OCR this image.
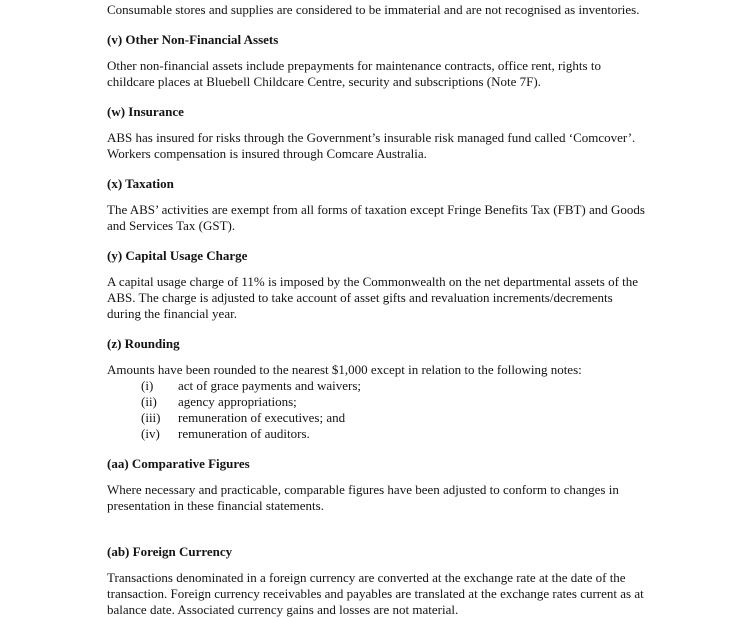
Consumable stores and supplies are considered to be immaterial and are not recognised as inventories.

(v) Other Non-Financial Assets

Other non-financial assets include prepayments for maintenance contracts, office rent, rights to childcare places at Bluebell Childcare Centre, security and subscriptions (Note 7F).

(w) Insurance

ABS has insured for risks through the Government’s insurable risk managed fund called ‘Comcover’. Workers compensation is insured through Comcare Australia.

(x) Taxation

The ABS’ activities are exempt from all forms of taxation except Fringe Benefits Tax (FBT) and Goods and Services Tax (GST).

(y) Capital Usage Charge

A capital usage charge of 11% is imposed by the Commonwealth on the net departmental assets of the ABS. The charge is adjusted to take account of asset gifts and revaluation increments/decrements during the financial year.

(z) Rounding

Amounts have been rounded to the nearest $1,000 except in relation to the following notes:

(i)	act of grace payments and waivers;
(ii)	agency appropriations;
(iii)	remuneration of executives; and
(iv)	remuneration of auditors.
(aa) Comparative Figures

Where necessary and practicable, comparable figures have been adjusted to conform to changes in presentation in these financial statements.

(ab) Foreign Currency

Transactions denominated in a foreign currency are converted at the exchange rate at the date of the transaction. Foreign currency receivables and payables are translated at the exchange rates current as at balance date. Associated currency gains and losses are not material.
